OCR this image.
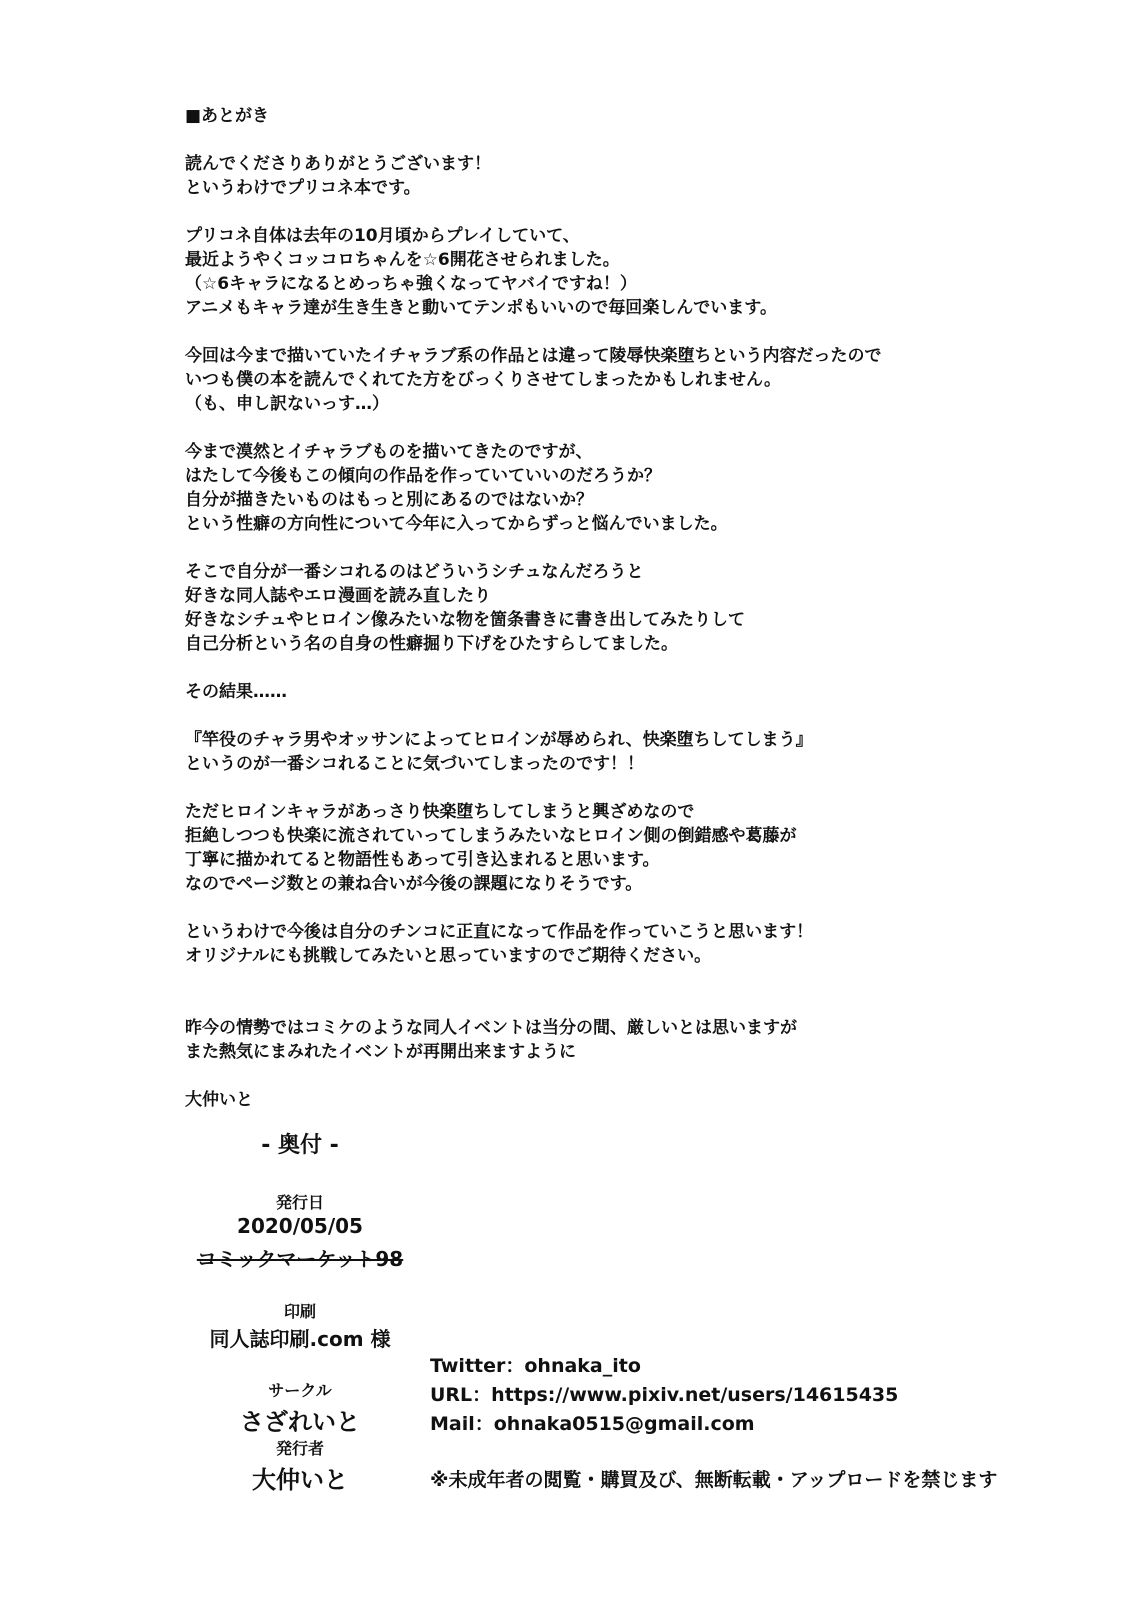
■あとがき
読んでくださりありがとうございます！
というわけでプリコネ本です。
プリコネ自体は去年の10月頃からプレイしていて、
最近ようやくコッコロちゃんを☆6開花させられました。
（☆6キャラになるとめっちゃ強くなってヤバイですね！）
アニメもキャラ達が生き生きと動いてテンポもいいので毎回楽しんでいます。
今回は今まで描いていたイチャラブ系の作品とは違って陵辱快楽堕ちという内容だったので
いつも僕の本を読んでくれてた方をびっくりさせてしまったかもしれません。
（も、申し訳ないっす…）
今まで漠然とイチャラブものを描いてきたのですが、
はたして今後もこの傾向の作品を作っていていいのだろうか？
自分が描きたいものはもっと別にあるのではないか？
という性癖の方向性について今年に入ってからずっと悩んでいました。
そこで自分が一番シコれるのはどういうシチュなんだろうと
好きな同人誌やエロ漫画を読み直したり
好きなシチュやヒロイン像みたいな物を箇条書きに書き出してみたりして
自己分析という名の自身の性癖掘り下げをひたすらしてました。
その結果……
『竿役のチャラ男やオッサンによってヒロインが辱められ、快楽堕ちしてしまう』
というのが一番シコれることに気づいてしまったのです！！
ただヒロインキャラがあっさり快楽堕ちしてしまうと興ざめなので
拒絶しつつも快楽に流されていってしまうみたいなヒロイン側の倒錯感や葛藤が
丁寧に描かれてると物語性もあって引き込まれると思います。
なのでページ数との兼ね合いが今後の課題になりそうです。
というわけで今後は自分のチンコに正直になって作品を作っていこうと思います！
オリジナルにも挑戦してみたいと思っていますのでご期待ください。
昨今の情勢ではコミケのような同人イベントは当分の間、厳しいとは思いますが
また熱気にまみれたイベントが再開出来ますように
大仲いと
- 奥付 -
発行日
2020/05/05
コミックマーケット98
印刷
同人誌印刷.com 様
サークル
さざれいと
発行者
大仲いと
Twitter：ohnaka_ito
URL：https://www.pixiv.net/users/14615435
Mail：ohnaka0515@gmail.com
※未成年者の閲覧・購買及び、無断転載・アップロードを禁じます
